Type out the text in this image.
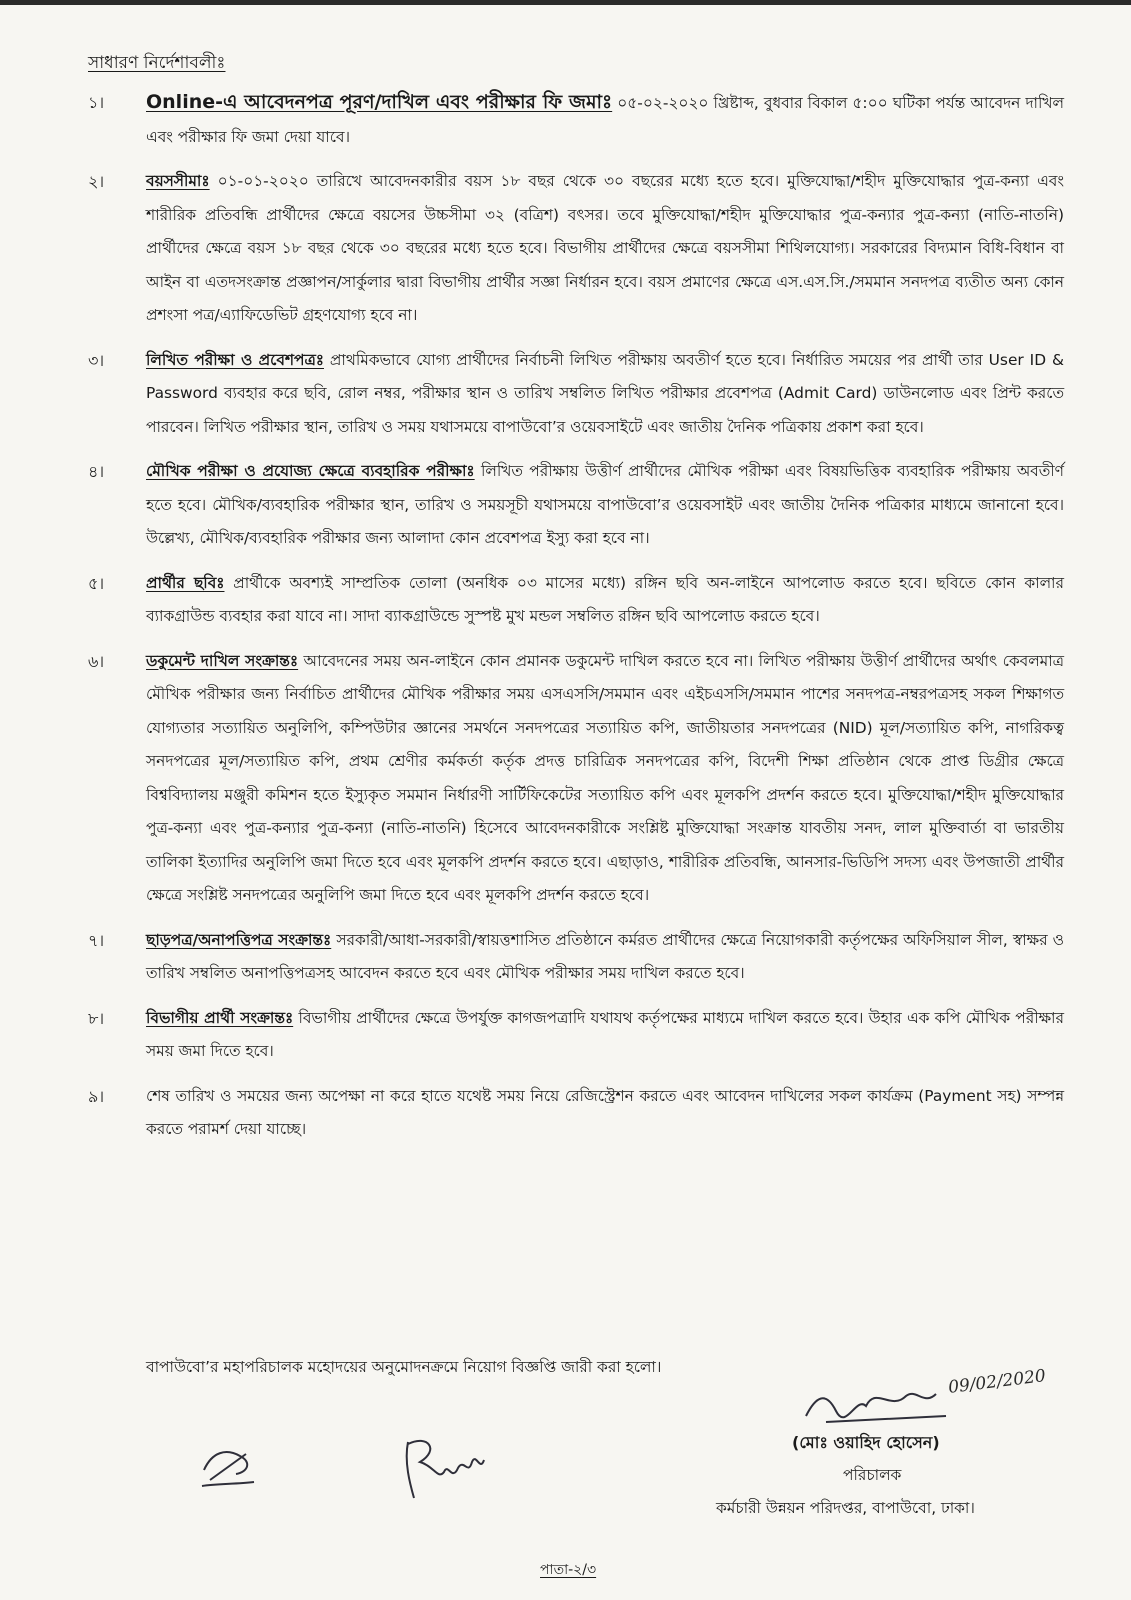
সাধারণ নির্দেশাবলীঃ
১। Online-এ আবেদনপত্র পূরণ/দাখিল এবং পরীক্ষার ফি জমাঃ ০৫-০২-২০২০ খ্রিষ্টাব্দ, বুধবার বিকাল ৫:০০ ঘটিকা পর্যন্ত আবেদন দাখিল এবং পরীক্ষার ফি জমা দেয়া যাবে।

২।	বয়সসীমাঃ ০১-০১-২০২০ তারিখে আবেদনকারীর বয়স ১৮ বছর থেকে ৩০ বছরের মধ্যে হতে হবে। মুক্তিযোদ্ধা/শহীদ মুক্তিযোদ্ধার পুত্র-কন্যা এবং শারীরিক প্রতিবন্ধি প্রার্থীদের ক্ষেত্রে বয়সের উচ্চসীমা ৩২ (বত্রিশ) বৎসর। তবে মুক্তিযোদ্ধা/শহীদ মুক্তিযোদ্ধার পুত্র-কন্যার পুত্র-কন্যা (নাতি-নাতনি) প্রার্থীদের ক্ষেত্রে বয়স ১৮ বছর থেকে ৩০ বছরের মধ্যে হতে হবে। বিভাগীয় প্রার্থীদের ক্ষেত্রে বয়সসীমা শিথিলযোগ্য। সরকারের বিদ্যমান বিধি-বিধান বা আইন বা এতদসংক্রান্ত প্রজ্ঞাপন/সার্কুলার দ্বারা বিভাগীয় প্রার্থীর সজ্ঞা নির্ধারন হবে। বয়স প্রমাণের ক্ষেত্রে এস.এস.সি./সমমান সনদপত্র ব্যতীত অন্য কোন প্রশংসা পত্র/এ্যাফিডেভিট গ্রহণযোগ্য হবে না।

৩।	লিখিত পরীক্ষা ও প্রবেশপত্রঃ প্রাথমিকভাবে যোগ্য প্রার্থীদের নির্বাচনী লিখিত পরীক্ষায় অবতীর্ণ হতে হবে। নির্ধারিত সময়ের পর প্রার্থী তার User ID & Password ব্যবহার করে ছবি, রোল নম্বর, পরীক্ষার স্থান ও তারিখ সম্বলিত লিখিত পরীক্ষার প্রবেশপত্র (Admit Card) ডাউনলোড এবং প্রিন্ট করতে পারবেন। লিখিত পরীক্ষার স্থান, তারিখ ও সময় যথাসময়ে বাপাউবো’র ওয়েবসাইটে এবং জাতীয় দৈনিক পত্রিকায় প্রকাশ করা হবে।

৪।	মৌখিক পরীক্ষা ও প্রযোজ্য ক্ষেত্রে ব্যবহারিক পরীক্ষাঃ লিখিত পরীক্ষায় উত্তীর্ণ প্রার্থীদের মৌখিক পরীক্ষা এবং বিষয়ভিত্তিক ব্যবহারিক পরীক্ষায় অবতীর্ণ হতে হবে। মৌখিক/ব্যবহারিক পরীক্ষার স্থান, তারিখ ও সময়সূচী যথাসময়ে বাপাউবো’র ওয়েবসাইট এবং জাতীয় দৈনিক পত্রিকার মাধ্যমে জানানো হবে। উল্লেখ্য, মৌখিক/ব্যবহারিক পরীক্ষার জন্য আলাদা কোন প্রবেশপত্র ইস্যু করা হবে না।

৫।	প্রার্থীর ছবিঃ প্রার্থীকে অবশ্যই সাম্প্রতিক তোলা (অনধিক ০৩ মাসের মধ্যে) রঙ্গিন ছবি অন-লাইনে আপলোড করতে হবে। ছবিতে কোন কালার ব্যাকগ্রাউন্ড ব্যবহার করা যাবে না। সাদা ব্যাকগ্রাউন্ডে সুস্পষ্ট মুখ মন্ডল সম্বলিত রঙ্গিন ছবি আপলোড করতে হবে।

৬।	ডকুমেন্ট দাখিল সংক্রান্তঃ আবেদনের সময় অন-লাইনে কোন প্রমানক ডকুমেন্ট দাখিল করতে হবে না। লিখিত পরীক্ষায় উত্তীর্ণ প্রার্থীদের অর্থাৎ কেবলমাত্র মৌখিক পরীক্ষার জন্য নির্বাচিত প্রার্থীদের মৌখিক পরীক্ষার সময় এসএসসি/সমমান এবং এইচএসসি/সমমান পাশের সনদপত্র-নম্বরপত্রসহ সকল শিক্ষাগত যোগ্যতার সত্যায়িত অনুলিপি, কম্পিউটার জ্ঞানের সমর্থনে সনদপত্রের সত্যায়িত কপি, জাতীয়তার সনদপত্রের (NID) মূল/সত্যায়িত কপি, নাগরিকত্ব সনদপত্রের মূল/সত্যায়িত কপি, প্রথম শ্রেণীর কর্মকর্তা কর্তৃক প্রদত্ত চারিত্রিক সনদপত্রের কপি, বিদেশী শিক্ষা প্রতিষ্ঠান থেকে প্রাপ্ত ডিগ্রীর ক্ষেত্রে বিশ্ববিদ্যালয় মঞ্জুরী কমিশন হতে ইস্যুকৃত সমমান নির্ধারণী সার্টিফিকেটের সত্যায়িত কপি এবং মূলকপি প্রদর্শন করতে হবে। মুক্তিযোদ্ধা/শহীদ মুক্তিযোদ্ধার পুত্র-কন্যা এবং পুত্র-কন্যার পুত্র-কন্যা (নাতি-নাতনি) হিসেবে আবেদনকারীকে সংশ্লিষ্ট মুক্তিযোদ্ধা সংক্রান্ত যাবতীয় সনদ, লাল মুক্তিবার্তা বা ভারতীয় তালিকা ইত্যাদির অনুলিপি জমা দিতে হবে এবং মূলকপি প্রদর্শন করতে হবে। এছাড়াও, শারীরিক প্রতিবন্ধি, আনসার-ভিডিপি সদস্য এবং উপজাতী প্রার্থীর ক্ষেত্রে সংশ্লিষ্ট সনদপত্রের অনুলিপি জমা দিতে হবে এবং মূলকপি প্রদর্শন করতে হবে।

৭।	ছাড়পত্র/অনাপত্তিপত্র সংক্রান্তঃ সরকারী/আধা-সরকারী/স্বায়ত্তশাসিত প্রতিষ্ঠানে কর্মরত প্রার্থীদের ক্ষেত্রে নিয়োগকারী কর্তৃপক্ষের অফিসিয়াল সীল, স্বাক্ষর ও তারিখ সম্বলিত অনাপত্তিপত্রসহ আবেদন করতে হবে এবং মৌখিক পরীক্ষার সময় দাখিল করতে হবে।

৮।	বিভাগীয় প্রার্থী সংক্রান্তঃ বিভাগীয় প্রার্থীদের ক্ষেত্রে উপর্যুক্ত কাগজপত্রাদি যথাযথ কর্তৃপক্ষের মাধ্যমে দাখিল করতে হবে। উহার এক কপি মৌখিক পরীক্ষার সময় জমা দিতে হবে।

৯।	শেষ তারিখ ও সময়ের জন্য অপেক্ষা না করে হাতে যথেষ্ট সময় নিয়ে রেজিস্ট্রেশন করতে এবং আবেদন দাখিলের সকল কার্যক্রম (Payment সহ) সম্পন্ন করতে পরামর্শ দেয়া যাচ্ছে।

বাপাউবো’র মহাপরিচালক মহোদয়ের অনুমোদনক্রমে নিয়োগ বিজ্ঞপ্তি জারী করা হলো।	09/02/2020
(মোঃ ওয়াহিদ হোসেন)
পরিচালক
কর্মচারী উন্নয়ন পরিদপ্তর, বাপাউবো, ঢাকা।
পাতা-২/৩
